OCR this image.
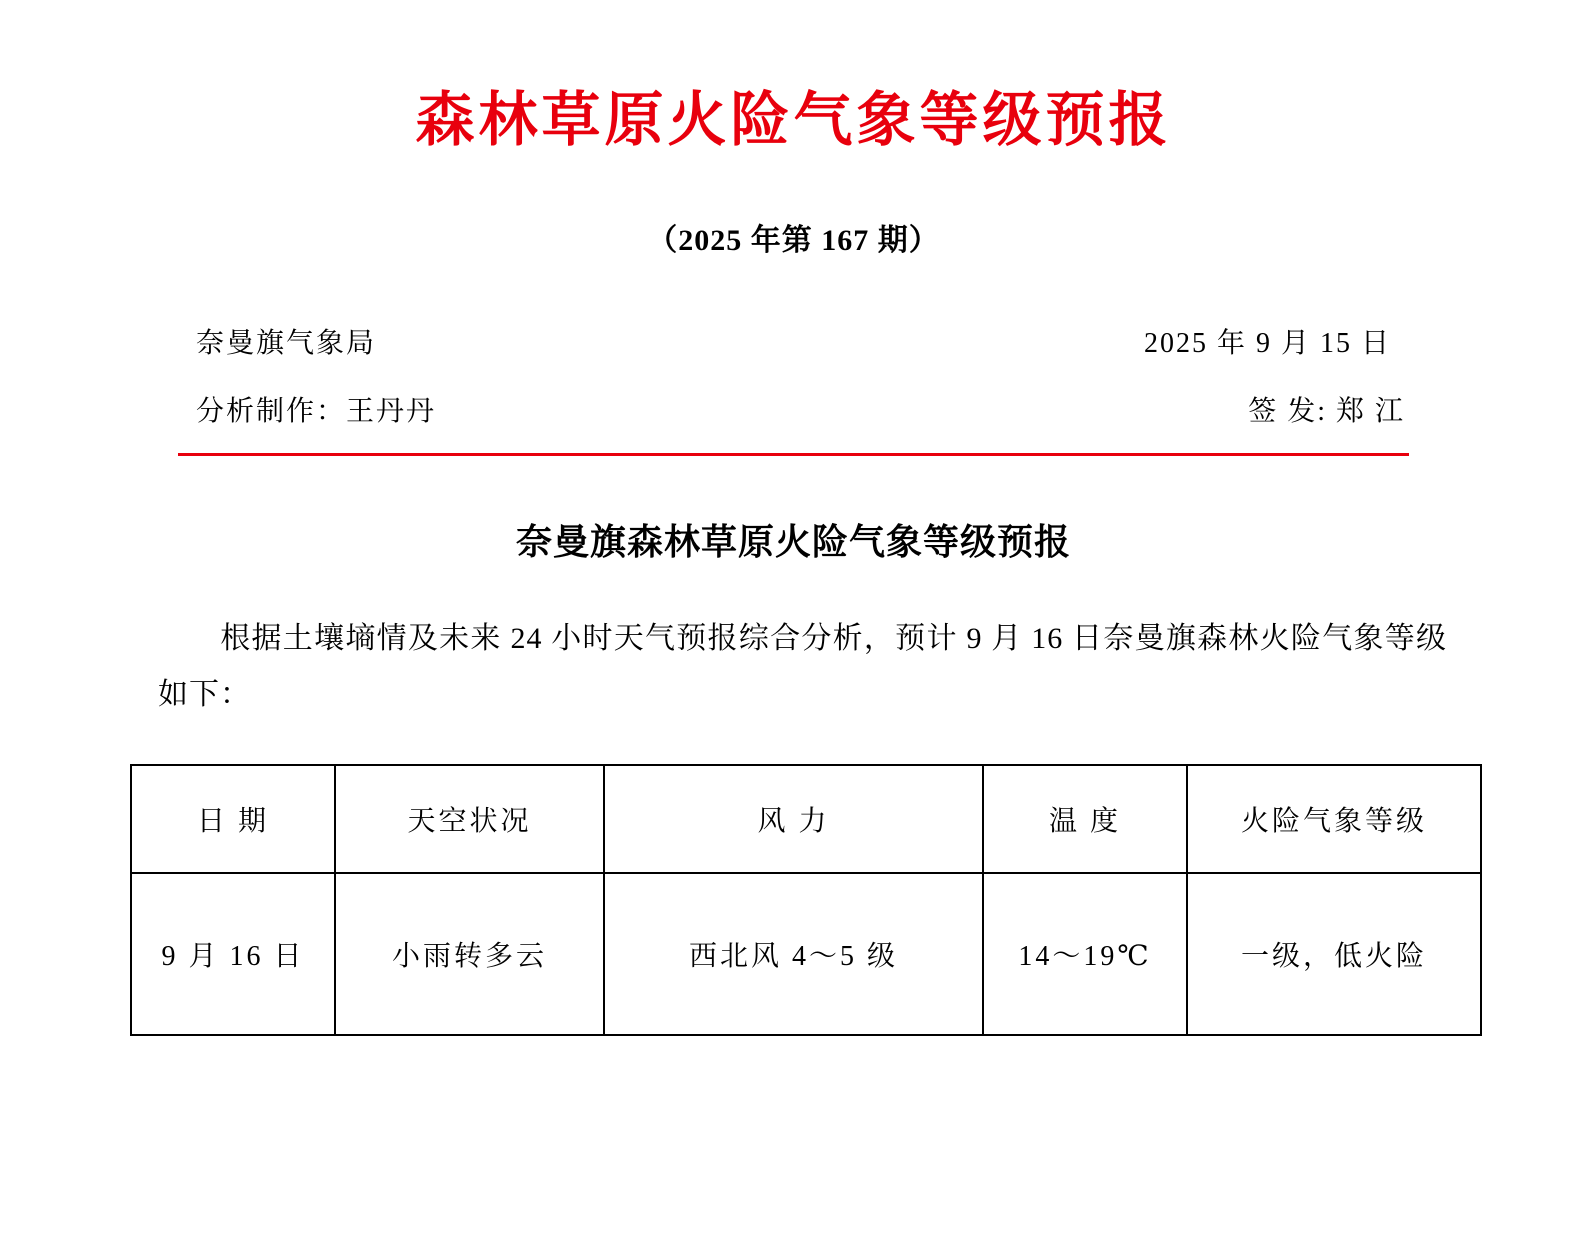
森林草原火险气象等级预报
（2025 年第 167 期）
奈曼旗气象局	2025 年 9 月 15 日
分析制作：王丹丹	签 发: 郑 江
奈曼旗森林草原火险气象等级预报
根据土壤墒情及未来 24 小时天气预报综合分析，预计 9 月 16 日奈曼旗森林火险气象等级如下：
日 期	天空状况	风 力	温 度	火险气象等级
9 月 16 日	小雨转多云	西北风 4～5 级	14～19℃	一级，低火险
